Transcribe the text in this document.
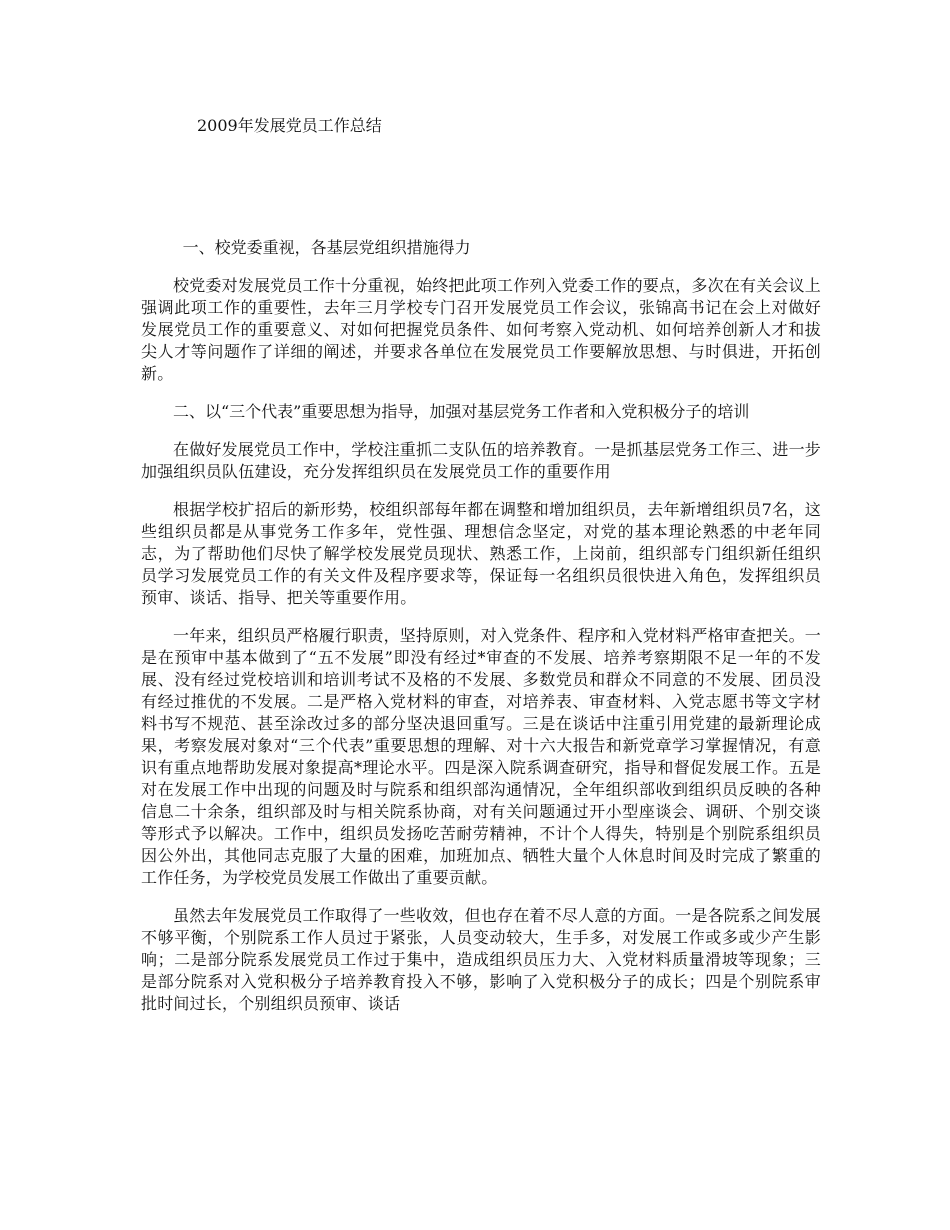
2009年发展党员工作总结
一、校党委重视，各基层党组织措施得力

校党委对发展党员工作十分重视，始终把此项工作列入党委工作的要点，多次在有关会议上强调此项工作的重要性，去年三月学校专门召开发展党员工作会议，张锦高书记在会上对做好发展党员工作的重要意义、对如何把握党员条件、如何考察入党动机、如何培养创新人才和拔尖人才等问题作了详细的阐述，并要求各单位在发展党员工作要解放思想、与时俱进，开拓创新。

二、以“三个代表”重要思想为指导，加强对基层党务工作者和入党积极分子的培训

在做好发展党员工作中，学校注重抓二支队伍的培养教育。一是抓基层党务工作三、进一步加强组织员队伍建设，充分发挥组织员在发展党员工作的重要作用

根据学校扩招后的新形势，校组织部每年都在调整和增加组织员，去年新增组织员7名，这些组织员都是从事党务工作多年，党性强、理想信念坚定，对党的基本理论熟悉的中老年同志，为了帮助他们尽快了解学校发展党员现状、熟悉工作，上岗前，组织部专门组织新任组织员学习发展党员工作的有关文件及程序要求等，保证每一名组织员很快进入角色，发挥组织员预审、谈话、指导、把关等重要作用。

一年来，组织员严格履行职责，坚持原则，对入党条件、程序和入党材料严格审查把关。一是在预审中基本做到了“五不发展”即没有经过*审查的不发展、培养考察期限不足一年的不发展、没有经过党校培训和培训考试不及格的不发展、多数党员和群众不同意的不发展、团员没有经过推优的不发展。二是严格入党材料的审查，对培养表、审查材料、入党志愿书等文字材料书写不规范、甚至涂改过多的部分坚决退回重写。三是在谈话中注重引用党建的最新理论成果，考察发展对象对“三个代表”重要思想的理解、对十六大报告和新党章学习掌握情况，有意识有重点地帮助发展对象提高*理论水平。四是深入院系调查研究，指导和督促发展工作。五是对在发展工作中出现的问题及时与院系和组织部沟通情况，全年组织部收到组织员反映的各种信息二十余条，组织部及时与相关院系协商，对有关问题通过开小型座谈会、调研、个别交谈等形式予以解决。工作中，组织员发扬吃苦耐劳精神，不计个人得失，特别是个别院系组织员因公外出，其他同志克服了大量的困难，加班加点、牺牲大量个人休息时间及时完成了繁重的工作任务，为学校党员发展工作做出了重要贡献。

虽然去年发展党员工作取得了一些收效，但也存在着不尽人意的方面。一是各院系之间发展不够平衡，个别院系工作人员过于紧张，人员变动较大，生手多，对发展工作或多或少产生影响；二是部分院系发展党员工作过于集中，造成组织员压力大、入党材料质量滑坡等现象；三是部分院系对入党积极分子培养教育投入不够，影响了入党积极分子的成长；四是个别院系审批时间过长，个别组织员预审、谈话
